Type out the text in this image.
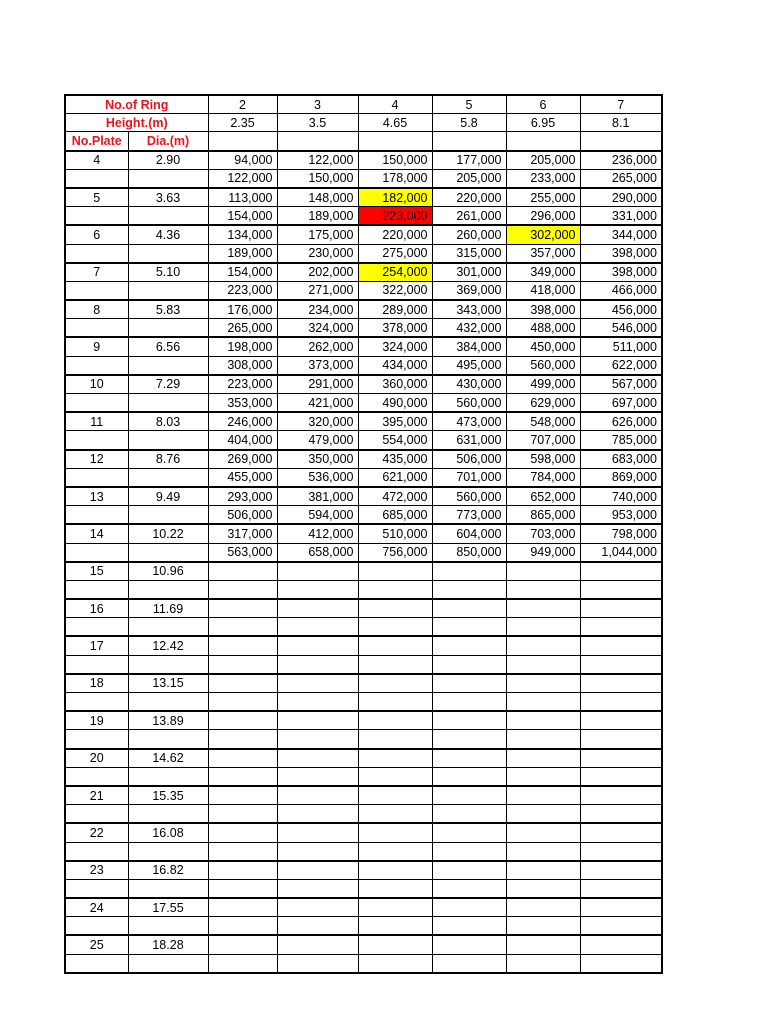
No.of Ring		2	3	4	5	6	7
Height.(m)		2.35	3.5	4.65	5.8	6.95	8.1
No.Plate	Dia.(m)						
4	2.90	94,000	122,000	150,000	177,000	205,000	236,000
		122,000	150,000	178,000	205,000	233,000	265,000
5	3.63	113,000	148,000	182,000	220,000	255,000	290,000
		154,000	189,000	223,000	261,000	296,000	331,000
6	4.36	134,000	175,000	220,000	260,000	302,000	344,000
		189,000	230,000	275,000	315,000	357,000	398,000
7	5.10	154,000	202,000	254,000	301,000	349,000	398,000
		223,000	271,000	322,000	369,000	418,000	466,000
8	5.83	176,000	234,000	289,000	343,000	398,000	456,000
		265,000	324,000	378,000	432,000	488,000	546,000
9	6.56	198,000	262,000	324,000	384,000	450,000	511,000
		308,000	373,000	434,000	495,000	560,000	622,000
10	7.29	223,000	291,000	360,000	430,000	499,000	567,000
		353,000	421,000	490,000	560,000	629,000	697,000
11	8.03	246,000	320,000	395,000	473,000	548,000	626,000
		404,000	479,000	554,000	631,000	707,000	785,000
12	8.76	269,000	350,000	435,000	506,000	598,000	683,000
		455,000	536,000	621,000	701,000	784,000	869,000
13	9.49	293,000	381,000	472,000	560,000	652,000	740,000
		506,000	594,000	685,000	773,000	865,000	953,000
14	10.22	317,000	412,000	510,000	604,000	703,000	798,000
		563,000	658,000	756,000	850,000	949,000	1,044,000
15	10.96						

16	11.69						

17	12.42						

18	13.15						

19	13.89						

20	14.62						

21	15.35						

22	16.08						

23	16.82						

24	17.55						

25	18.28						
